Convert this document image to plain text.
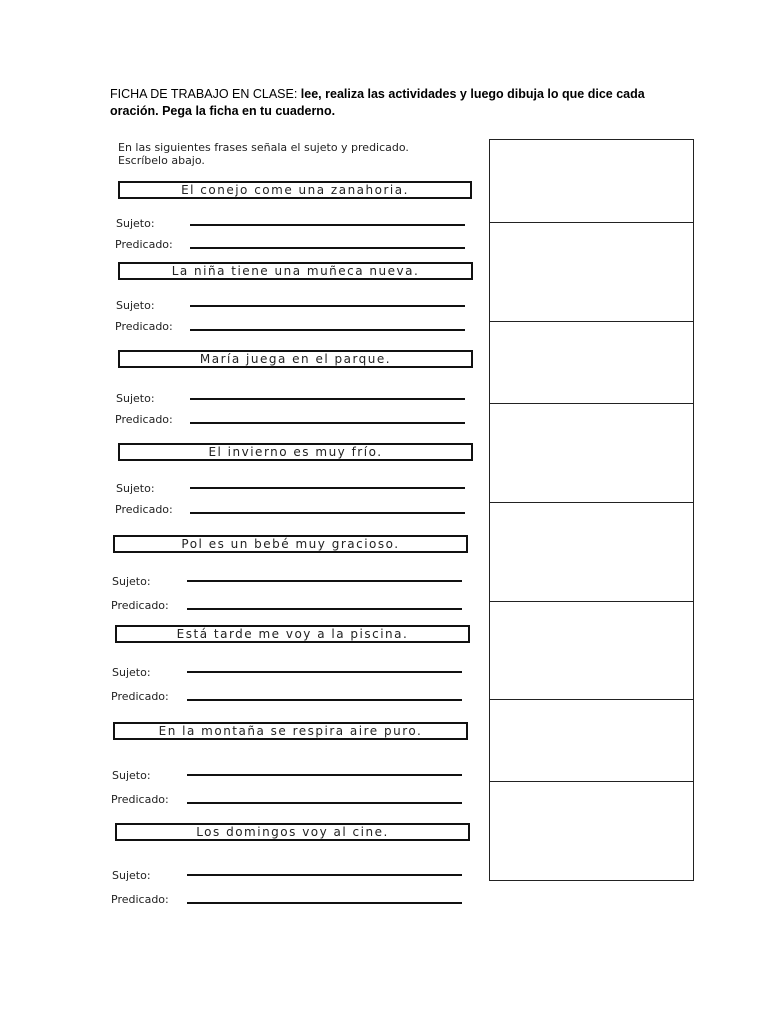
FICHA DE TRABAJO EN CLASE: lee, realiza las actividades y luego dibuja lo que dice cada
oración. Pega la ficha en tu cuaderno.
En las siguientes frases señala el sujeto y predicado.
Escríbelo abajo.
El conejo come una zanahoria.
Sujeto:
Predicado:
La niña tiene una muñeca nueva.
Sujeto:
Predicado:
María juega en el parque.
Sujeto:
Predicado:
El invierno es muy frío.
Sujeto:
Predicado:
Pol es un bebé muy gracioso.
Sujeto:
Predicado:
Está tarde me voy a la piscina.
Sujeto:
Predicado:
En la montaña se respira aire puro.
Sujeto:
Predicado:
Los domingos voy al cine.
Sujeto:
Predicado:
